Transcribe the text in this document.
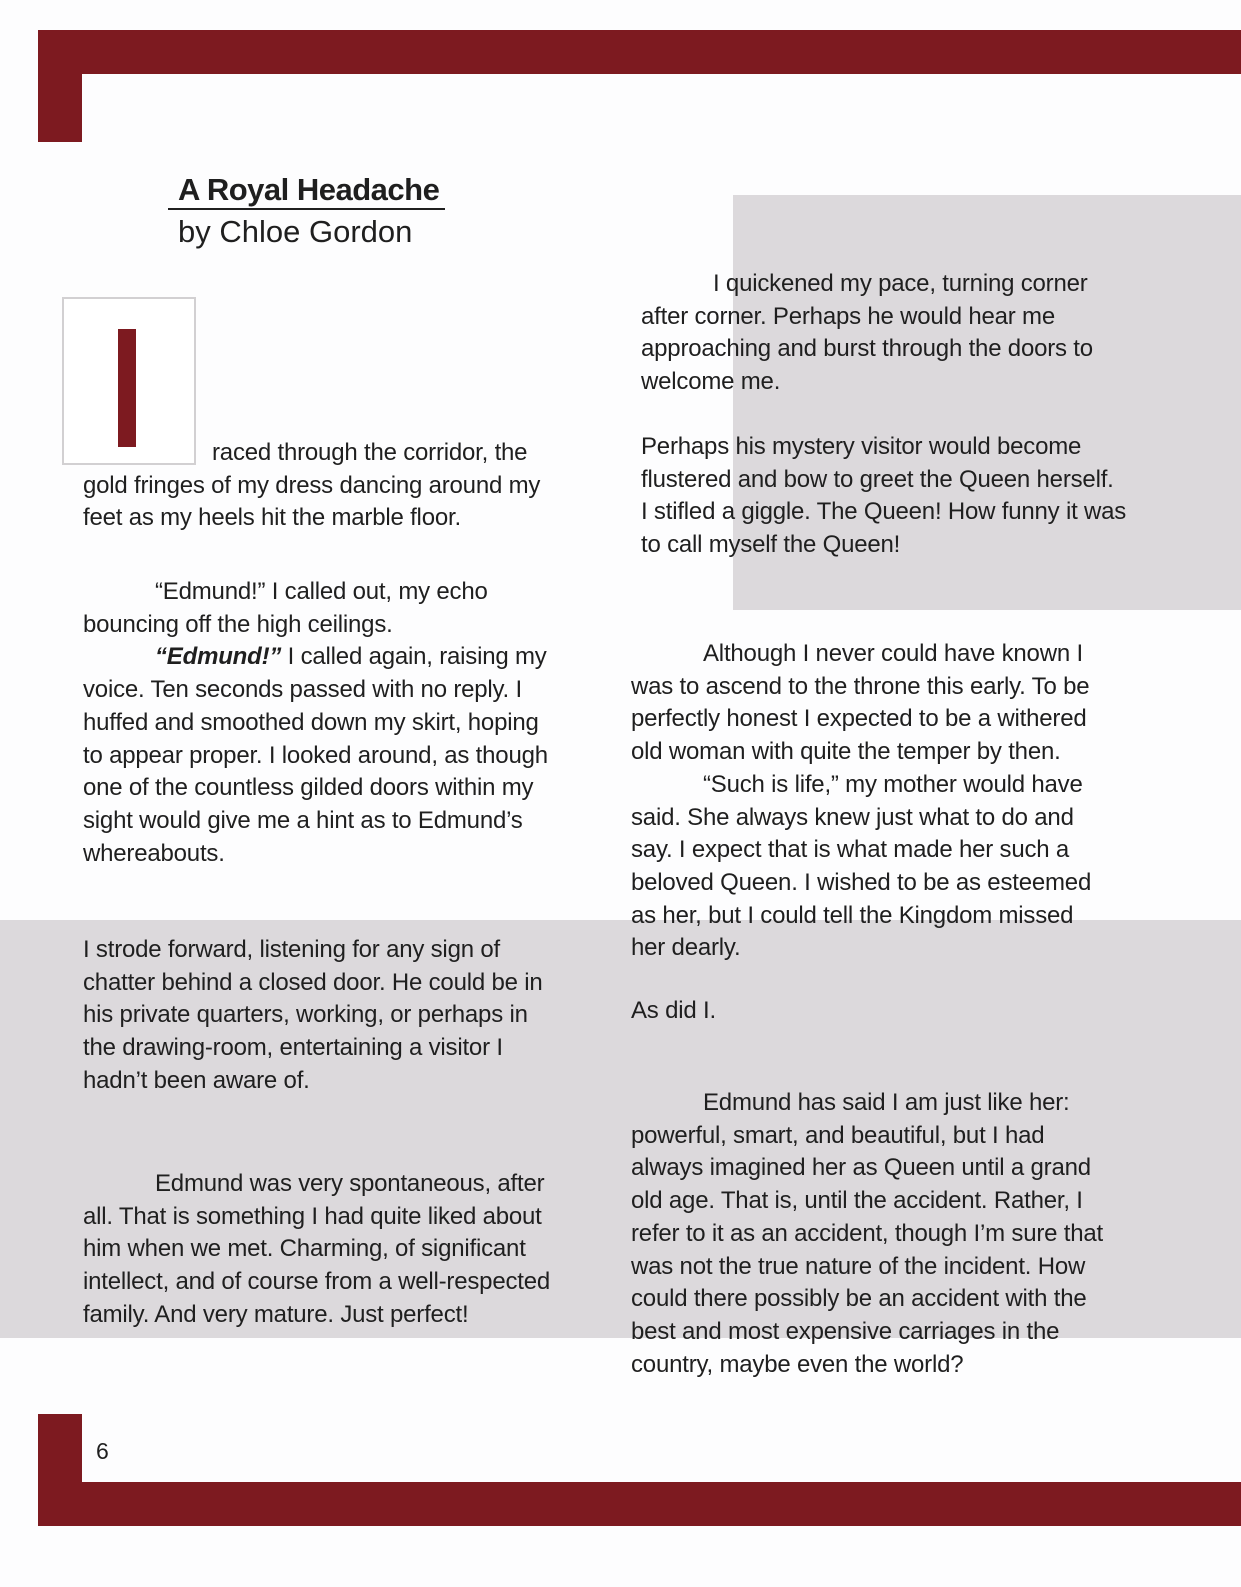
A Royal Headache
by Chloe Gordon
raced through the corridor, the
gold fringes of my dress dancing around my
feet as my heels hit the marble floor.
“Edmund!” I called out, my echo
bouncing off the high ceilings.
“Edmund!” I called again, raising my
voice. Ten seconds passed with no reply. I
huffed and smoothed down my skirt, hoping
to appear proper. I looked around, as though
one of the countless gilded doors within my
sight would give me a hint as to Edmund’s
whereabouts.
I strode forward, listening for any sign of
chatter behind a closed door. He could be in
his private quarters, working, or perhaps in
the drawing-room, entertaining a visitor I
hadn’t been aware of.
Edmund was very spontaneous, after
all. That is something I had quite liked about
him when we met. Charming, of significant
intellect, and of course from a well-respected
family. And very mature. Just perfect!
I quickened my pace, turning corner
after corner. Perhaps he would hear me
approaching and burst through the doors to
welcome me.
Perhaps his mystery visitor would become
flustered and bow to greet the Queen herself.
I stifled a giggle. The Queen! How funny it was
to call myself the Queen!
Although I never could have known I
was to ascend to the throne this early. To be
perfectly honest I expected to be a withered
old woman with quite the temper by then.
“Such is life,” my mother would have
said. She always knew just what to do and
say. I expect that is what made her such a
beloved Queen. I wished to be as esteemed
as her, but I could tell the Kingdom missed
her dearly.
As did I.
Edmund has said I am just like her:
powerful, smart, and beautiful, but I had
always imagined her as Queen until a grand
old age. That is, until the accident. Rather, I
refer to it as an accident, though I’m sure that
was not the true nature of the incident. How
could there possibly be an accident with the
best and most expensive carriages in the
country, maybe even the world?
6
